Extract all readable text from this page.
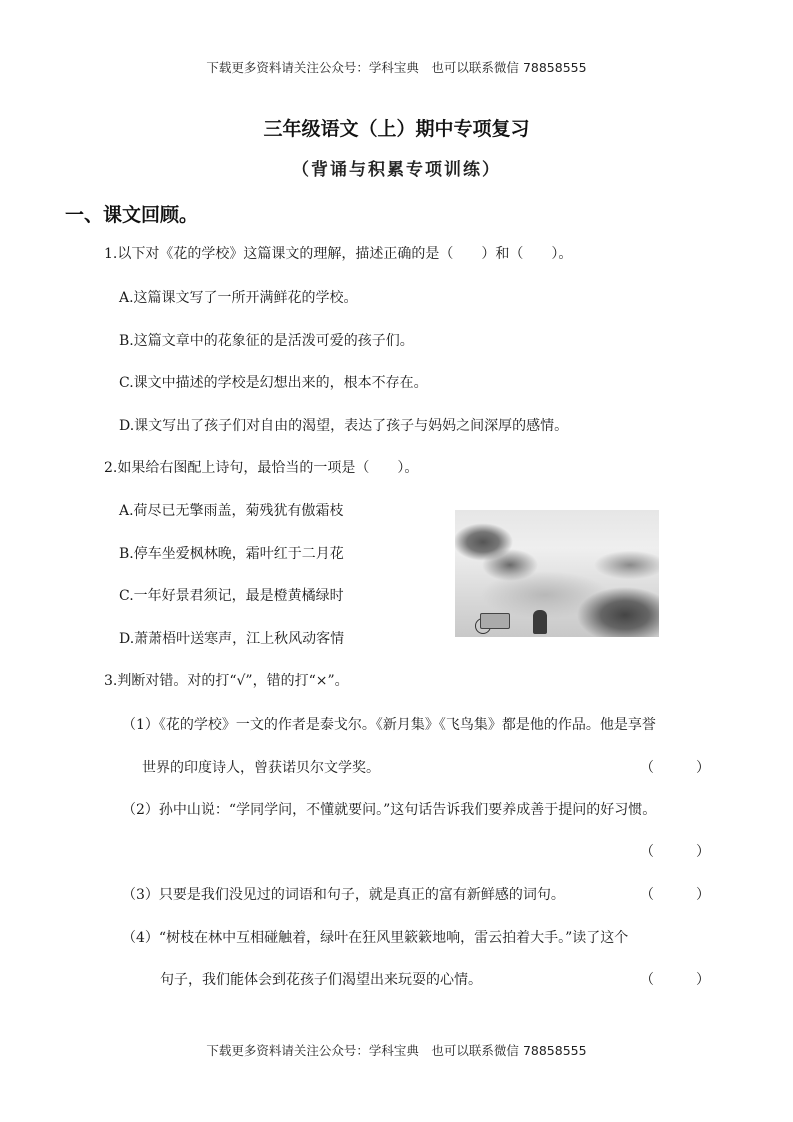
下载更多资料请关注公众号：学科宝典　也可以联系微信 78858555
三年级语文（上）期中专项复习
（背诵与积累专项训练）
一、课文回顾。
1.以下对《花的学校》这篇课文的理解，描述正确的是（　　）和（　　）。
A.这篇课文写了一所开满鲜花的学校。
B.这篇文章中的花象征的是活泼可爱的孩子们。
C.课文中描述的学校是幻想出来的，根本不存在。
D.课文写出了孩子们对自由的渴望，表达了孩子与妈妈之间深厚的感情。
2.如果给右图配上诗句，最恰当的一项是（　　）。
A.荷尽已无擎雨盖，菊残犹有傲霜枝
B.停车坐爱枫林晚，霜叶红于二月花
C.一年好景君须记，最是橙黄橘绿时
D.萧萧梧叶送寒声，江上秋风动客情
3.判断对错。对的打“√”，错的打“×”。
（1）《花的学校》一文的作者是泰戈尔。《新月集》《飞鸟集》都是他的作品。他是享誉
世界的印度诗人，曾获诺贝尔文学奖。	（　　　）
（2）孙中山说：“学同学问，不懂就要问。”这句话告诉我们要养成善于提问的好习惯。
（　　　）
（3）只要是我们没见过的词语和句子，就是真正的富有新鲜感的词句。	（　　　）
（4）“树枝在林中互相碰触着，绿叶在狂风里簌簌地响，雷云拍着大手。”读了这个
句子，我们能体会到花孩子们渴望出来玩耍的心情。	（　　　）
下载更多资料请关注公众号：学科宝典　也可以联系微信 78858555
